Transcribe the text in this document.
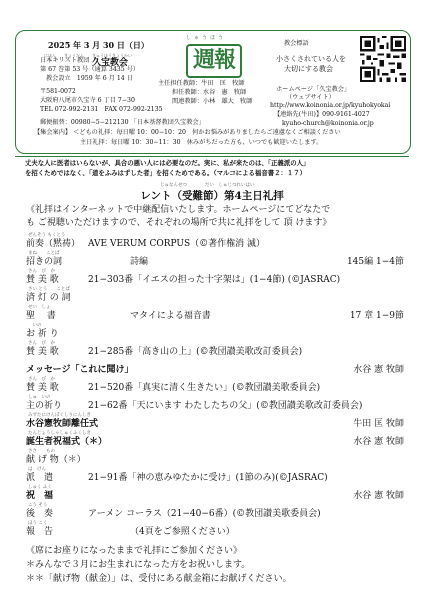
2025 年 3 月 30 日（日）
にほん　　きょうだん　　きゅうほうきょうかい
日本キリスト教団 久宝教会
第 67 巻第 53 号（通算 3435 号）
教会設立　1959 年 6 月 14 日
〒581-0072
大阪府八尾市久宝寺 6 丁目 7−30
TEL 072-992-2131　FAX 072-992-2135
しゅうほう
週報
主任担任教師：牛田　匡　牧師
担任教師：水谷　憲　牧師
関連教師：小林　雄大　牧師
教会標語
小さくされている人を
大切にする教会
ホームページ「久宝教会」
（ウェブサイト）
http://www.koinonia.or.jp/kyuhokyokai
【連絡先(牛田)】090-9161-4027
kyuho-church@koinonia.or.jp
郵便振替：00980−5−212130 「日本基督教団久宝教会」
【集会案内】 ＜どもの礼拝：毎日曜 10：00−10：20　何かお悩みがありましたらご遠慮なくご相談ください
主日礼拝：毎日曜 10：30−11：30　休みがちだった方も、いつでも歓迎いたします。
丈夫な人に医者はいらないが、具合の悪い人には必要なのだ。実に、私が来たのは、「正義派の人」
を招くためではなく、「道をふみはずした者」を招くためである。（マルコによる福音書２：１７）
じゅなんせつ　　　　だい　しゅじつれいはい
レント（受難節）第4主日礼拝
《礼拝はインターネットで中継配信いたします。ホームページにてどなたで
も ご視聴いただけますので、それぞれの場所で共に礼拝をして 頂 けます》
ぜんそう もくとう
前奏（黙祷） AVE VERUM CORPUS（©著作権消 滅）
まね　　ことば
招きの詞	詩編	145編 1−4節
さん　び　か
賛 美 歌	21−303番「イエスの担った十字架は」(1−4節) (©JASRAC)
さい とう　　ことば
済 灯 の 詞
せい　しょ
聖　 書	マタイによる福音書	17 章 1−9節
　いの
お 祈 り
さん　び　か
賛 美 歌	21−285番「高き山の上」(©教団讃美歌改訂委員会)
メッセージ「これに聞け」	水谷 憲 牧師
さん　び　か
賛 美 歌	21−520番「真実に清く生きたい」(©教団讃美歌委員会)
しゅ　いの
主の祈り	21−62番「天にいます わたしたちの父」(©教団讃美歌改訂委員会)
みずたにけんぼくしりにんしき
水谷憲牧師離任式	牛田 匡 牧師
たんじょうしゃしゅくふくしき
誕生者祝福式（＊）	水谷 憲 牧師
ささ　　もの
献 げ 物（＊）
は　けん
派　遣	21−91番「神の恵みゆたかに受け」(1節のみ)(©JASRAC)
しゅく ふく
祝　福	水谷 憲 牧師
こう そう
後　奏	アーメン コーラス（21−40−6番）(©教団讃美歌委員会)
ほう こく
報　告	（4頁をご参照ください）
《席にお座りになったままで礼拝にご参加ください》
＊みんなで３月にお生まれになった方をお祝いします。
＊＊「献げ物（献金）」は、受付にある献金箱にお献げください。
